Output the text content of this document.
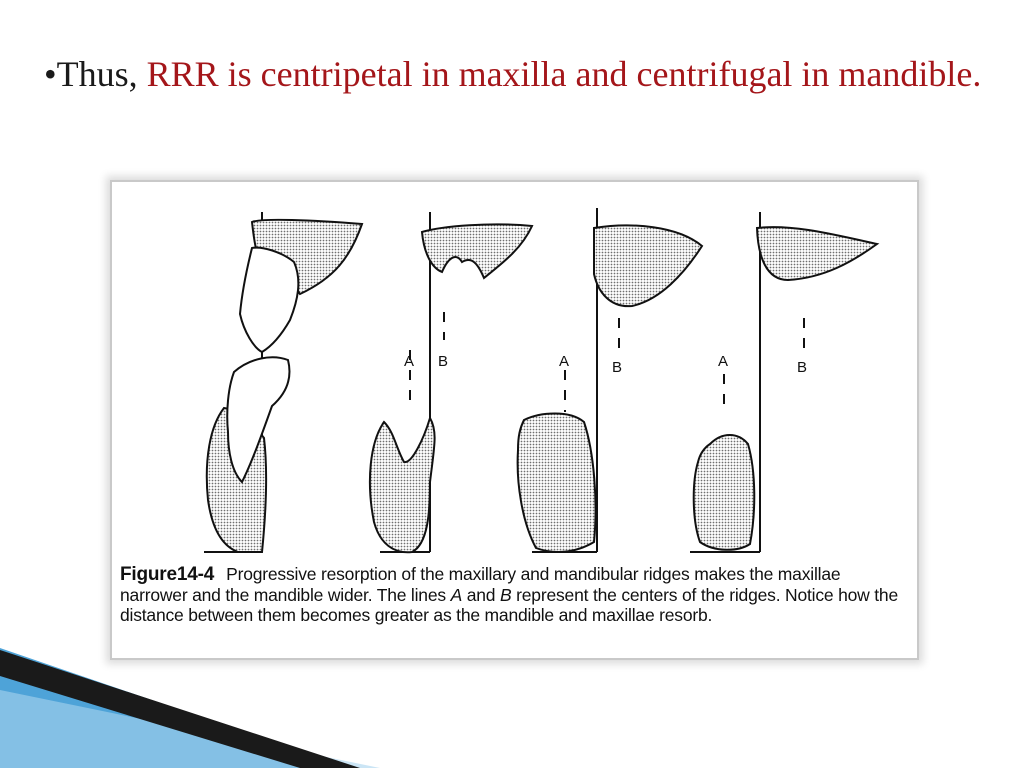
•Thus, RRR is centripetal in maxilla and centrifugal in mandible.
A B	A	B	A	B
Figure14-4 Progressive resorption of the maxillary and mandibular ridges makes the maxillae narrower and the mandible wider. The lines A and B represent the centers of the ridges. Notice how the distance between them becomes greater as the mandible and maxillae resorb.
